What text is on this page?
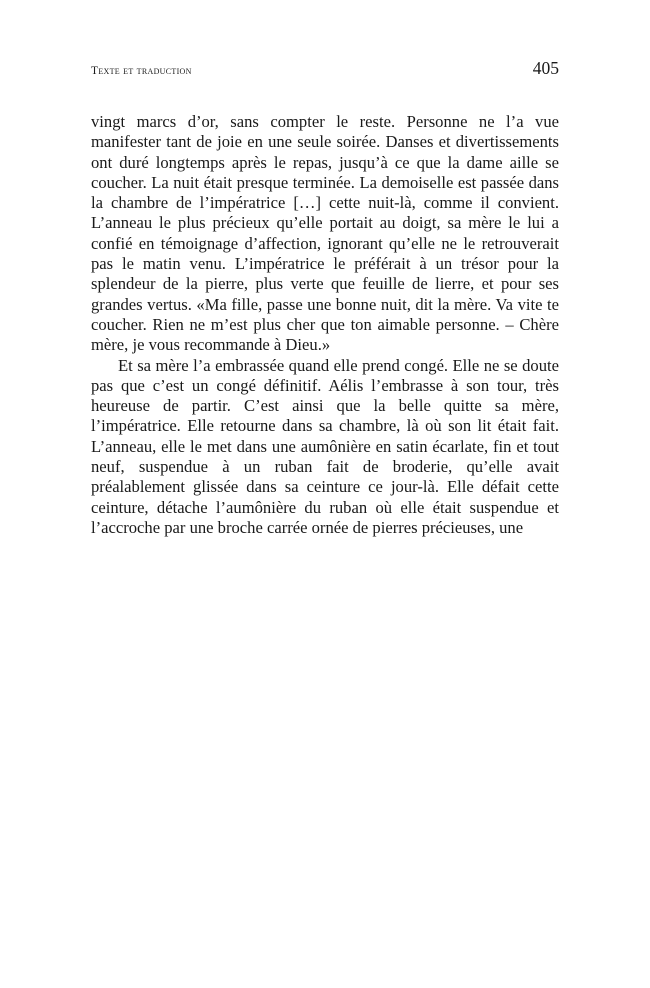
Texte et traduction	405

vingt marcs d’or, sans compter le reste. Personne ne l’a vue manifester tant de joie en une seule soirée. Danses et divertissements ont duré longtemps après le repas, jusqu’à ce que la dame aille se coucher. La nuit était presque terminée. La demoiselle est passée dans la chambre de l’impératrice […] cette nuit-là, comme il convient. L’anneau le plus précieux qu’elle portait au doigt, sa mère le lui a confié en témoignage d’affection, ignorant qu’elle ne le retrouverait pas le matin venu. L’impératrice le préférait à un trésor pour la splendeur de la pierre, plus verte que feuille de lierre, et pour ses grandes vertus. «Ma fille, passe une bonne nuit, dit la mère. Va vite te coucher. Rien ne m’est plus cher que ton aimable personne. – Chère mère, je vous recommande à Dieu.»

Et sa mère l’a embrassée quand elle prend congé. Elle ne se doute pas que c’est un congé définitif. Aélis l’embrasse à son tour, très heureuse de partir. C’est ainsi que la belle quitte sa mère, l’impératrice. Elle retourne dans sa chambre, là où son lit était fait. L’anneau, elle le met dans une aumônière en satin écarlate, fin et tout neuf, suspendue à un ruban fait de broderie, qu’elle avait préalablement glissée dans sa ceinture ce jour-là. Elle défait cette ceinture, détache l’aumônière du ruban où elle était suspendue et l’accroche par une broche carrée ornée de pierres précieuses, une
